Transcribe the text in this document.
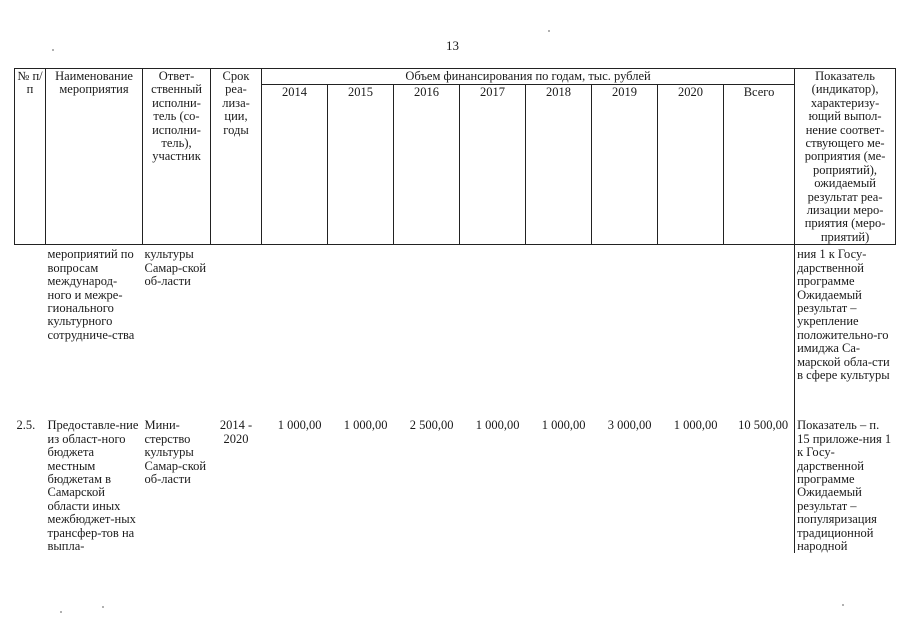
13
№ п/п	Наименование мероприятия	Ответ-ственный исполни-тель (со-исполни-тель), участник	Срок реа-лиза-ции, годы	Объем финансирования по годам, тыс. рублей								Показатель (индикатор), характеризу-ющий выпол-нение соответ-ствующего ме-роприятия (ме-роприятий), ожидаемый результат реа-лизации меро-приятия (меро-приятий)
				2014	2015	2016	2017	2018	2019	2020	Всего	
	мероприятий по вопросам международ-ного и межре-гионального культурного сотрудниче-ства	культуры Самар-ской об-ласти										ния 1 к Госу-дарственной программе Ожидаемый результат – укрепление положительно-го имиджа Са-марской обла-сти в сфере культуры
2.5.	Предоставле-ние из област-ного бюджета местным бюджетам в Самарской области иных межбюджет-ных трансфер-тов на выпла-	Мини-стерство культуры Самар-ской об-ласти	2014 - 2020	1 000,00	1 000,00	2 500,00	1 000,00	1 000,00	3 000,00	1 000,00	10 500,00	Показатель – п. 15 приложе-ния 1 к Госу-дарственной программе Ожидаемый результат – популяризация традиционной народной
